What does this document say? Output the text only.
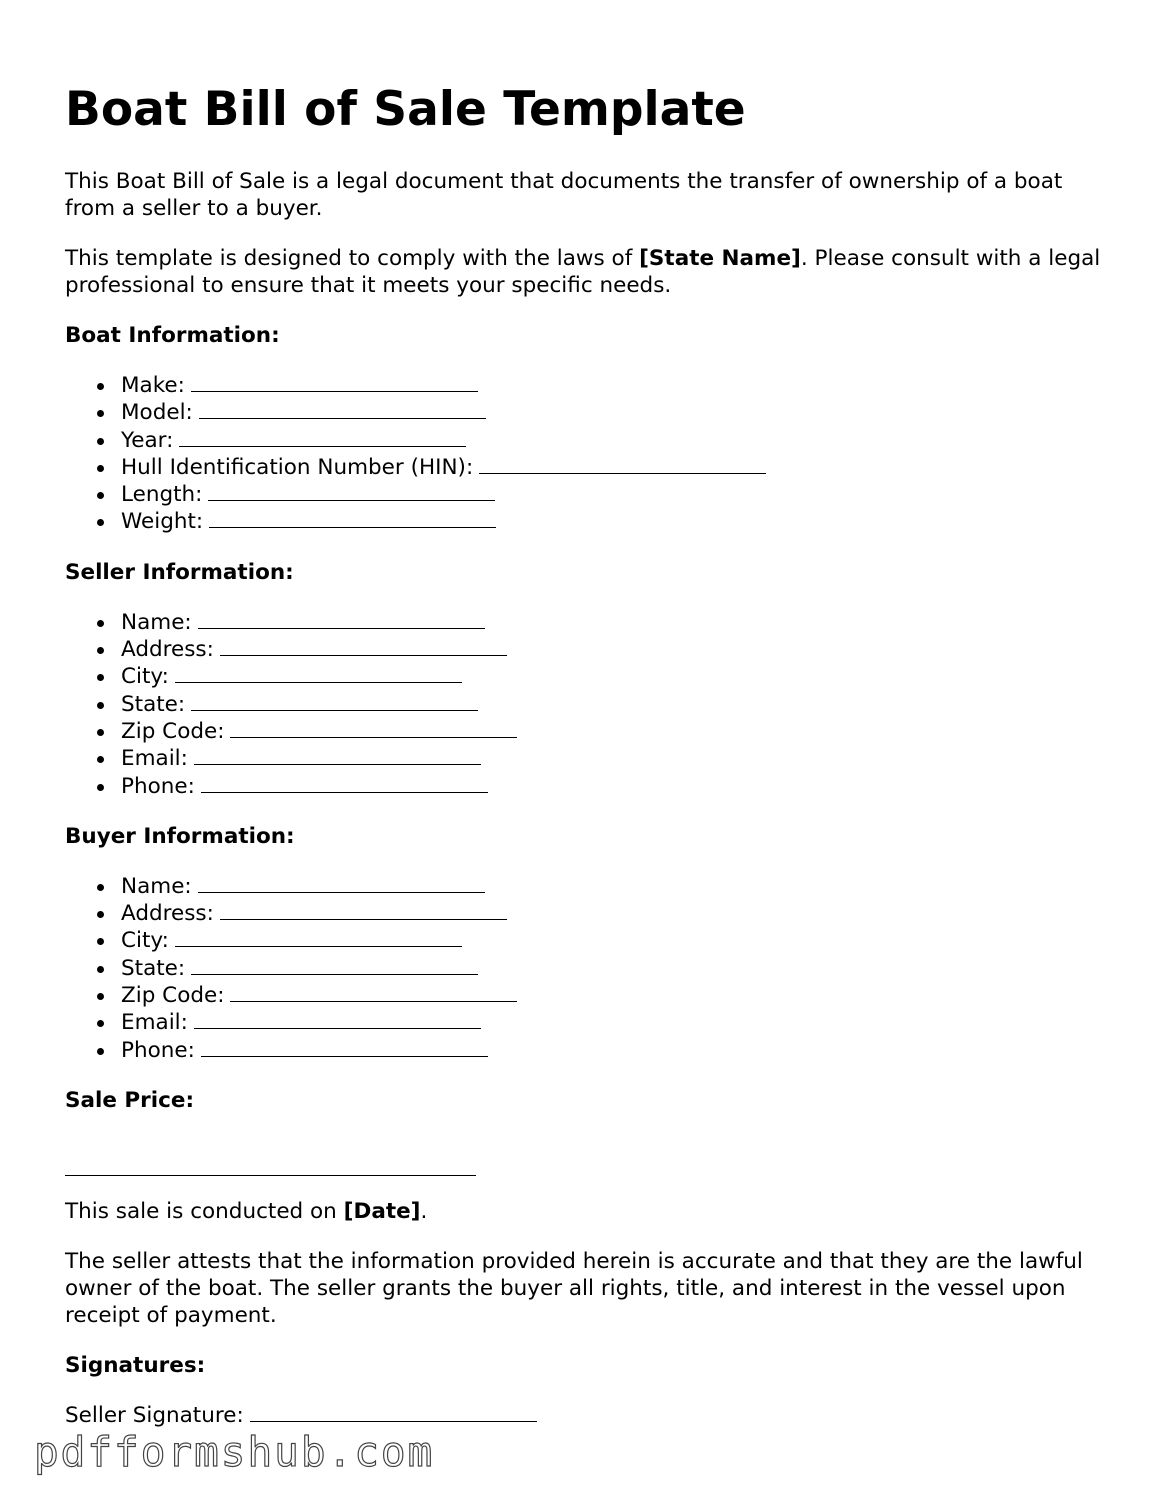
Boat Bill of Sale Template

This Boat Bill of Sale is a legal document that documents the transfer of ownership of a boat from a seller to a buyer.

This template is designed to comply with the laws of [State Name]. Please consult with a legal professional to ensure that it meets your specific needs.

Boat Information:
Make:
Model:
Year:
Hull Identification Number (HIN):
Length:
Weight:
Seller Information:
Name:
Address:
City:
State:
Zip Code:
Email:
Phone:
Buyer Information:
Name:
Address:
City:
State:
Zip Code:
Email:
Phone:
Sale Price:

This sale is conducted on [Date].

The seller attests that the information provided herein is accurate and that they are the lawful owner of the boat. The seller grants the buyer all rights, title, and interest in the vessel upon receipt of payment.

Signatures:

Seller Signature:

pdfformshub.com
